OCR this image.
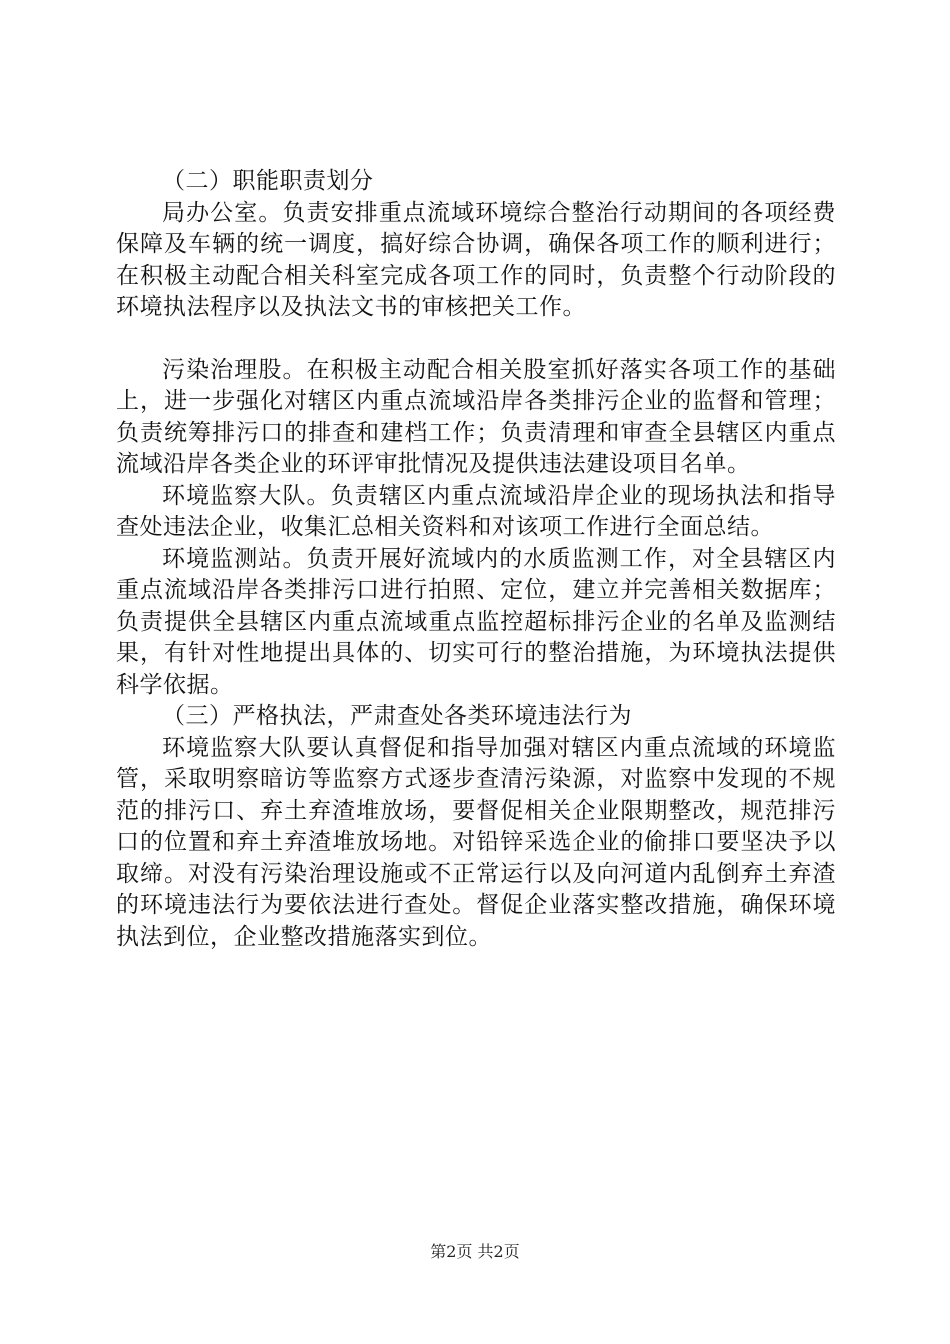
（二）职能职责划分

局办公室。负责安排重点流域环境综合整治行动期间的各项经费保障及车辆的统一调度，搞好综合协调，确保各项工作的顺利进行；在积极主动配合相关科室完成各项工作的同时，负责整个行动阶段的环境执法程序以及执法文书的审核把关工作。

污染治理股。在积极主动配合相关股室抓好落实各项工作的基础上，进一步强化对辖区内重点流域沿岸各类排污企业的监督和管理；负责统筹排污口的排查和建档工作；负责清理和审查全县辖区内重点流域沿岸各类企业的环评审批情况及提供违法建设项目名单。

环境监察大队。负责辖区内重点流域沿岸企业的现场执法和指导查处违法企业，收集汇总相关资料和对该项工作进行全面总结。

环境监测站。负责开展好流域内的水质监测工作，对全县辖区内重点流域沿岸各类排污口进行拍照、定位，建立并完善相关数据库；负责提供全县辖区内重点流域重点监控超标排污企业的名单及监测结果，有针对性地提出具体的、切实可行的整治措施，为环境执法提供科学依据。

（三）严格执法，严肃查处各类环境违法行为

环境监察大队要认真督促和指导加强对辖区内重点流域的环境监管，采取明察暗访等监察方式逐步查清污染源，对监察中发现的不规范的排污口、弃土弃渣堆放场，要督促相关企业限期整改，规范排污口的位置和弃土弃渣堆放场地。对铅锌采选企业的偷排口要坚决予以取缔。对没有污染治理设施或不正常运行以及向河道内乱倒弃土弃渣的环境违法行为要依法进行查处。督促企业落实整改措施，确保环境执法到位，企业整改措施落实到位。

第2页 共2页
